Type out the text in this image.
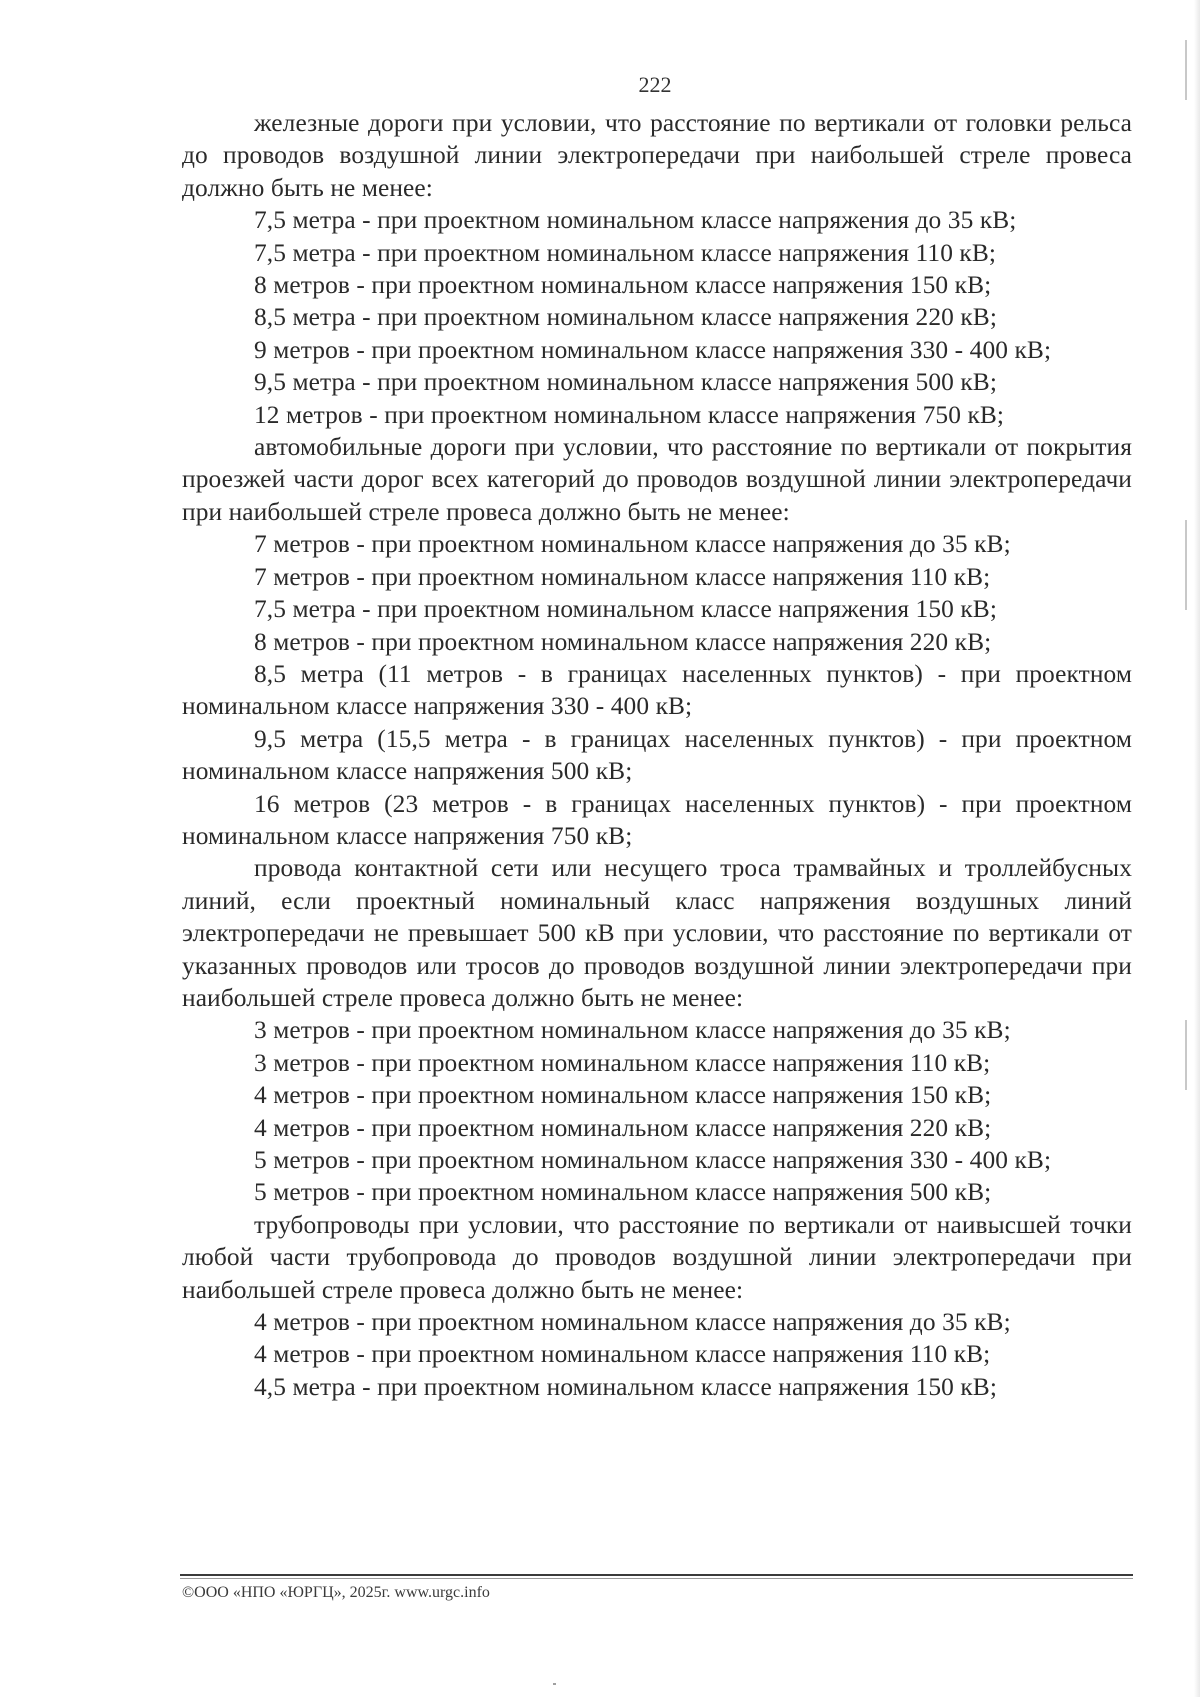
222

железные дороги при условии, что расстояние по вертикали от головки рельса до проводов воздушной линии электропередачи при наибольшей стреле провеса должно быть не менее:

7,5 метра - при проектном номинальном классе напряжения до 35 кВ;

7,5 метра - при проектном номинальном классе напряжения 110 кВ;

8 метров - при проектном номинальном классе напряжения 150 кВ;

8,5 метра - при проектном номинальном классе напряжения 220 кВ;

9 метров - при проектном номинальном классе напряжения 330 - 400 кВ;

9,5 метра - при проектном номинальном классе напряжения 500 кВ;

12 метров - при проектном номинальном классе напряжения 750 кВ;

автомобильные дороги при условии, что расстояние по вертикали от покрытия проезжей части дорог всех категорий до проводов воздушной линии электропередачи при наибольшей стреле провеса должно быть не менее:

7 метров - при проектном номинальном классе напряжения до 35 кВ;

7 метров - при проектном номинальном классе напряжения 110 кВ;

7,5 метра - при проектном номинальном классе напряжения 150 кВ;

8 метров - при проектном номинальном классе напряжения 220 кВ;

8,5 метра (11 метров - в границах населенных пунктов) - при проектном номинальном классе напряжения 330 - 400 кВ;

9,5 метра (15,5 метра - в границах населенных пунктов) - при проектном номинальном классе напряжения 500 кВ;

16 метров (23 метров - в границах населенных пунктов) - при проектном номинальном классе напряжения 750 кВ;

провода контактной сети или несущего троса трамвайных и троллейбусных линий, если проектный номинальный класс напряжения воздушных линий электропередачи не превышает 500 кВ при условии, что расстояние по вертикали от указанных проводов или тросов до проводов воздушной линии электропередачи при наибольшей стреле провеса должно быть не менее:

3 метров - при проектном номинальном классе напряжения до 35 кВ;

3 метров - при проектном номинальном классе напряжения 110 кВ;

4 метров - при проектном номинальном классе напряжения 150 кВ;

4 метров - при проектном номинальном классе напряжения 220 кВ;

5 метров - при проектном номинальном классе напряжения 330 - 400 кВ;

5 метров - при проектном номинальном классе напряжения 500 кВ;

трубопроводы при условии, что расстояние по вертикали от наивысшей точки любой части трубопровода до проводов воздушной линии электропередачи при наибольшей стреле провеса должно быть не менее:

4 метров - при проектном номинальном классе напряжения до 35 кВ;

4 метров - при проектном номинальном классе напряжения 110 кВ;

4,5 метра - при проектном номинальном классе напряжения 150 кВ;

©ООО «НПО «ЮРГЦ», 2025г. www.urgc.info
